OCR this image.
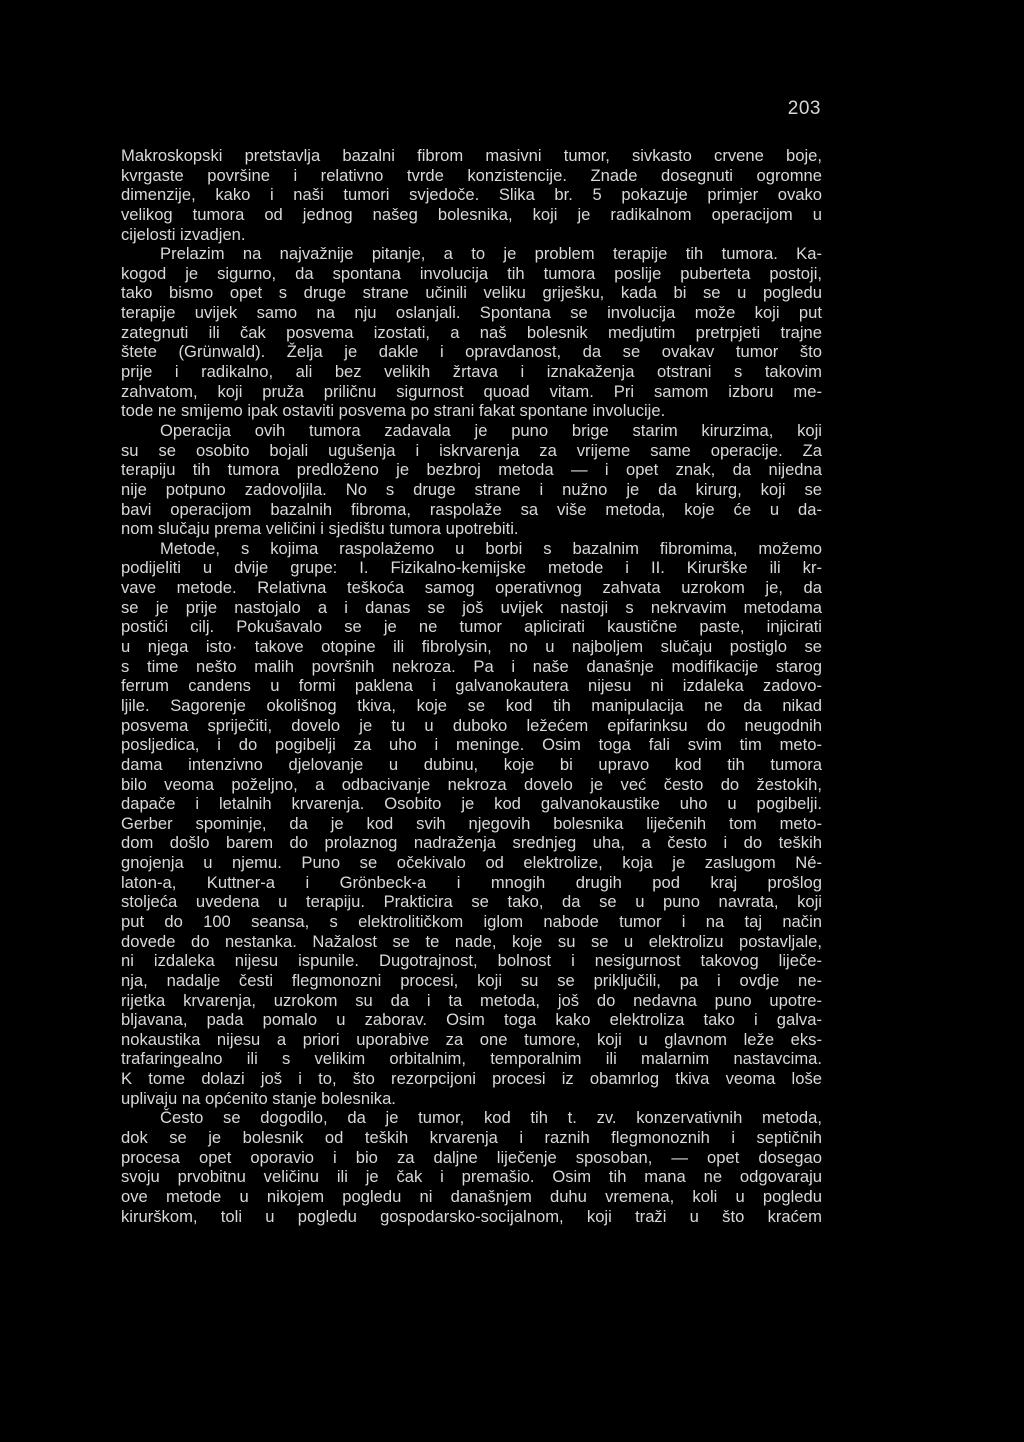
203
Makroskopski pretstavlja bazalni fibrom masivni tumor, sivkasto crvene boje,
kvrgaste površine i relativno tvrde konzistencije. Znade dosegnuti ogromne
dimenzije, kako i naši tumori svjedoče. Slika br. 5 pokazuje primjer ovako
velikog tumora od jednog našeg bolesnika, koji je radikalnom operacijom u
cijelosti izvadjen.
Prelazim na najvažnije pitanje, a to je problem terapije tih tumora. Ka-
kogod je sigurno, da spontana involucija tih tumora poslije puberteta postoji,
tako bismo opet s druge strane učinili veliku griješku, kada bi se u pogledu
terapije uvijek samo na nju oslanjali. Spontana se involucija može koji put
zategnuti ili čak posvema izostati, a naš bolesnik medjutim pretrpjeti trajne
štete (Grünwald). Želja je dakle i opravdanost, da se ovakav tumor što
prije i radikalno, ali bez velikih žrtava i iznakaženja otstrani s takovim
zahvatom, koji pruža priličnu sigurnost quoad vitam. Pri samom izboru me-
tode ne smijemo ipak ostaviti posvema po strani fakat spontane involucije.
Operacija ovih tumora zadavala je puno brige starim kirurzima, koji
su se osobito bojali ugušenja i iskrvarenja za vrijeme same operacije. Za
terapiju tih tumora predloženo je bezbroj metoda — i opet znak, da nijedna
nije potpuno zadovoljila. No s druge strane i nužno je da kirurg, koji se
bavi operacijom bazalnih fibroma, raspolaže sa više metoda, koje će u da-
nom slučaju prema veličini i sjedištu tumora upotrebiti.
Metode, s kojima raspolažemo u borbi s bazalnim fibromima, možemo
podijeliti u dvije grupe: I. Fizikalno-kemijske metode i II. Kirurške ili kr-
vave metode. Relativna teškoća samog operativnog zahvata uzrokom je, da
se je prije nastojalo a i danas se još uvijek nastoji s nekrvavim metodama
postići cilj. Pokušavalo se je ne tumor aplicirati kaustične paste, injicirati
u njega isto· takove otopine ili fibrolysin, no u najboljem slučaju postiglo se
s time nešto malih površnih nekroza. Pa i naše današnje modifikacije starog
ferrum candens u formi paklena i galvanokautera nijesu ni izdaleka zadovo-
ljile. Sagorenje okolišnog tkiva, koje se kod tih manipulacija ne da nikad
posvema spriječiti, dovelo je tu u duboko ležećem epifarinksu do neugodnih
posljedica, i do pogibelji za uho i meninge. Osim toga fali svim tim meto-
dama intenzivno djelovanje u dubinu, koje bi upravo kod tih tumora
bilo veoma poželjno, a odbacivanje nekroza dovelo je već često do žestokih,
dapače i letalnih krvarenja. Osobito je kod galvanokaustike uho u pogibelji.
Gerber spominje, da je kod svih njegovih bolesnika liječenih tom meto-
dom došlo barem do prolaznog nadraženja srednjeg uha, a često i do teških
gnojenja u njemu. Puno se očekivalo od elektrolize, koja je zaslugom Né-
laton-a, Kuttner-a i Grönbeck-a i mnogih drugih pod kraj prošlog
stoljeća uvedena u terapiju. Prakticira se tako, da se u puno navrata, koji
put do 100 seansa, s elektrolitičkom iglom nabode tumor i na taj način
dovede do nestanka. Nažalost se te nade, koje su se u elektrolizu postavljale,
ni izdaleka nijesu ispunile. Dugotrajnost, bolnost i nesigurnost takovog liječe-
nja, nadalje česti flegmonozni procesi, koji su se priključili, pa i ovdje ne-
rijetka krvarenja, uzrokom su da i ta metoda, još do nedavna puno upotre-
bljavana, pada pomalo u zaborav. Osim toga kako elektroliza tako i galva-
nokaustika nijesu a priori uporabive za one tumore, koji u glavnom leže eks-
trafaringealno ili s velikim orbitalnim, temporalnim ili malarnim nastavcima.
K tome dolazi još i to, što rezorpcijoni procesi iz obamrlog tkiva veoma loše
uplivaju na općenito stanje bolesnika.
Često se dogodilo, da je tumor, kod tih t. zv. konzervativnih metoda,
dok se je bolesnik od teških krvarenja i raznih flegmonoznih i septičnih
procesa opet oporavio i bio za daljne liječenje sposoban, — opet dosegao
svoju prvobitnu veličinu ili je čak i premašio. Osim tih mana ne odgovaraju
ove metode u nikojem pogledu ni današnjem duhu vremena, koli u pogledu
kirurškom, toli u pogledu gospodarsko-socijalnom, koji traži u što kraćem
